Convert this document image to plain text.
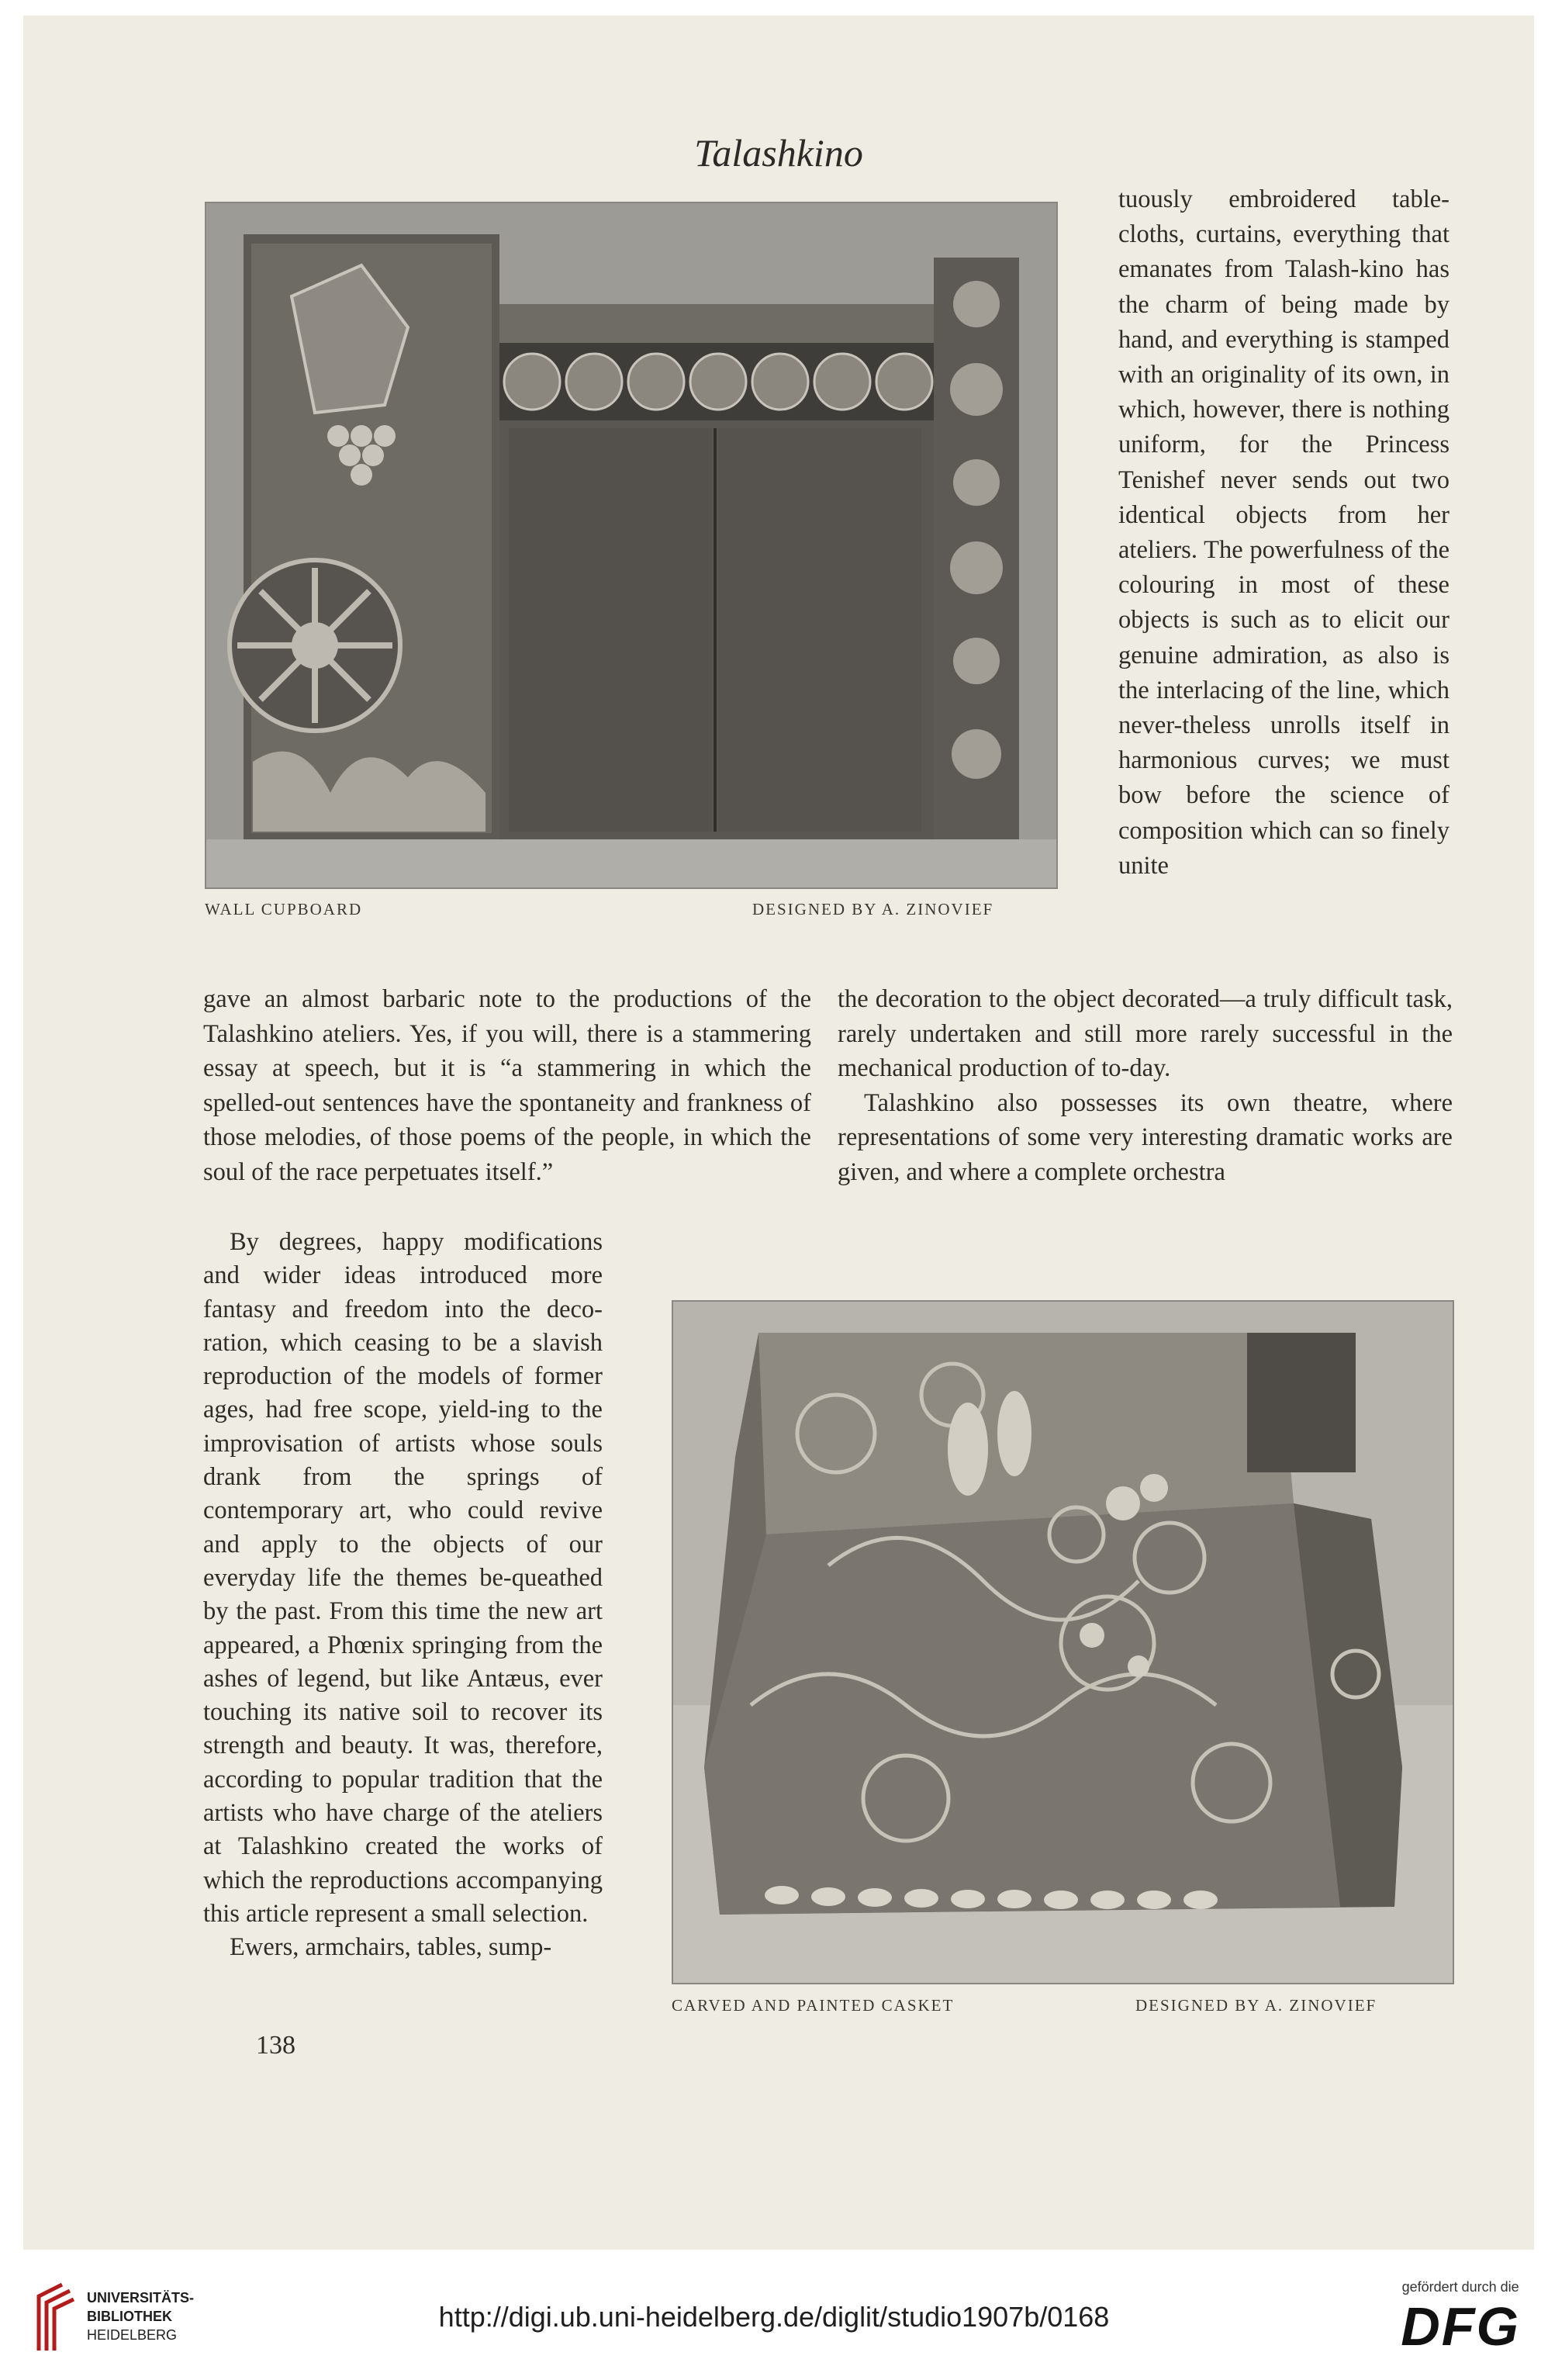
Talashkino
WALL CUPBOARD	DESIGNED BY A. ZINOVIEF

tuously embroidered table-cloths, curtains, everything that emanates from Talash-kino has the charm of being made by hand, and everything is stamped with an originality of its own, in which, however, there is nothing uniform, for the Princess Tenishef never sends out two identical objects from her ateliers. The powerfulness of the colouring in most of these objects is such as to elicit our genuine admiration, as also is the interlacing of the line, which never-theless unrolls itself in harmonious curves; we must bow before the science of composition which can so finely unite

gave an almost barbaric note to the productions of the Talashkino ateliers. Yes, if you will, there is a stammering essay at speech, but it is “a stammering in which the spelled-out sentences have the spontaneity and frankness of those melodies, of those poems of the people, in which the soul of the race perpetuates itself.”

the decoration to the object decorated—a truly difficult task, rarely undertaken and still more rarely successful in the mechanical production of to-day.

Talashkino also possesses its own theatre, where representations of some very interesting dramatic works are given, and where a complete orchestra

By degrees, happy modifications and wider ideas introduced more fantasy and freedom into the deco-ration, which ceasing to be a slavish reproduction of the models of former ages, had free scope, yield-ing to the improvisation of artists whose souls drank from the springs of contemporary art, who could revive and apply to the objects of our everyday life the themes be-queathed by the past. From this time the new art appeared, a Phœnix springing from the ashes of legend, but like Antæus, ever touching its native soil to recover its strength and beauty. It was, therefore, according to popular tradition that the artists who have charge of the ateliers at Talashkino created the works of which the reproductions accompanying this article represent a small selection.

Ewers, armchairs, tables, sump-

CARVED AND PAINTED CASKET	DESIGNED BY A. ZINOVIEF
138
UNIVERSITÄTS-
BIBLIOTHEK
HEIDELBERG
http://digi.ub.uni-heidelberg.de/diglit/studio1907b/0168
gefördert durch die
DFG
